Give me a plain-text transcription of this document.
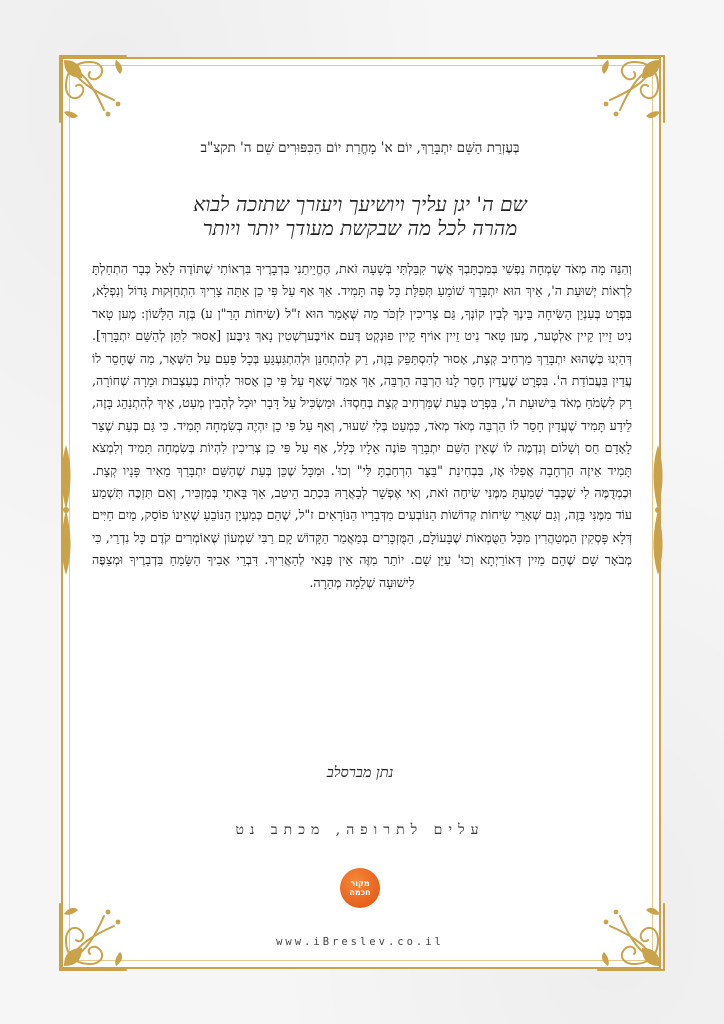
בְּעֶזְרַת הַשֵּׁם יִתְבָּרַךְ, יוֹם א' מָחֳרַת יוֹם הַכִּפּוּרִים שֵׁם ה' תקצ"ב
שם ה' יגן עליך ויושיעך ויעזרך שתזכה לבוא
מהרה לכל מה שבקשת מעודך יותר ויותר
וְהִנֵּה מָה מְאֹד שָׂמְחָה נַפְשִׁי בְּמִכְתָּבְךָ אֲשֶׁר קִבַּלְתִּי בְּשָׁעָה זֹאת, הֶחֱיֵיתַנִי בִּדְבָרֶיךָ בִּרְאוֹתִי שֶׁתּוֹדֶה לָאֵל כְּבָר הִתְחַלְתָּ לִרְאוֹת יְשׁוּעַת ה', אֵיךְ הוּא יִתְבָּרַךְ שׁוֹמֵעַ תְּפִלַּת כָּל פֶּה תָּמִיד. אַךְ אַף עַל פִּי כֵן אַתָּה צָרִיךְ הִתְחַזְּקוּת גָּדוֹל וְנִפְלָא, בִּפְרָט בְּעִנְיַן הַשִּׂיחָה בֵּינְךָ לְבֵין קוֹנְךָ, גַּם צְרִיכִין לִזְכֹּר מַה שֶּׁאָמַר הוּא ז"ל (שִׂיחוֹת הָרַ"ן ע) בְּזֶה הַלָּשׁוֹן: מֶען טָאר נִיט זֵיין קֵיין אַלְטֶער, מֶען טָאר נִיט זֵיין אוֹיף קֵיין פוּנְקְט דֶּעם אוֹיבֶּערְשְׁטִין נָאךְ גִּיבֶּען [אָסוּר לִתֵּן לְהַשֵּׁם יִתְבָּרַךְ]. דְּהַיְנוּ כְּשֶׁהוּא יִתְבָּרַךְ מַרְחִיב קְצָת, אָסוּר לְהִסְתַּפֵּק בָּזֶה, רַק לְהִתְחַנֵּן וּלְהִתְגַּעְגֵּעַ בְּכָל פַּעַם עַל הַשְּׁאָר, מַה שֶּׁחָסֵר לוֹ עֲדַיִן בַּעֲבוֹדַת ה'. בִּפְרָט שֶׁעֲדַיִן חָסֵר לָנוּ הַרְבֵּה הַרְבֵּה, אַךְ אָמַר שֶׁאַף עַל פִּי כֵן אָסוּר לִהְיוֹת בְּעַצְבוּת וּמָרָה שְׁחוֹרָה, רַק לִשְׂמֹחַ מְאֹד בִּישׁוּעַת ה', בִּפְרָט בְּעֵת שֶׁמַּרְחִיב קְצָת בְּחַסְדּוֹ. וּמַשְׂכִּיל עַל דָּבָר יוּכַל לְהָבִין מְעַט, אֵיךְ לְהִתְנַהֵג בָּזֶה, לֵידַע תָּמִיד שֶׁעֲדַיִן חָסֵר לוֹ הַרְבֵּה מְאֹד מְאֹד, כִּמְעַט בְּלִי שִׁעוּר, וְאַף עַל פִּי כֵן יִהְיֶה בְּשִׂמְחָה תָּמִיד. כִּי גַּם בְּעֵת שֶׁצַּר לָאָדָם חַס וְשָׁלוֹם וְנִדְמֶה לוֹ שֶׁאֵין הַשֵּׁם יִתְבָּרַךְ פּוֹנֶה אֵלָיו כְּלָל, אַף עַל פִּי כֵן צְרִיכִין לִהְיוֹת בְּשִׂמְחָה תָּמִיד וְלִמְצֹא תָּמִיד אֵיזֶה הַרְחָבָה אֲפִלּוּ אָז, בִּבְחִינַת "בַּצָּר הִרְחַבְתָּ לִּי" וְכוּ'. וּמִכָּל שֶׁכֵּן בְּעֵת שֶׁהַשֵּׁם יִתְבָּרַךְ מֵאִיר פָּנָיו קְצָת. וּכְמְדֻמֶּה לִי שֶׁכְּבָר שָׁמַעְתָּ מִמֶּנִּי שִׂיחָה זֹאת, וְאִי אֶפְשָׁר לְבָאֲרָהּ בִּכְתָב הֵיטֵב, אַךְ בָּאתִי בְּמַזְכִּיר, וְאִם תִּזְכֶּה תִּשְׁמַע עוֹד מִמֶּנִּי בָּזֶה, וְגַם שְׁאָרֵי שִׂיחוֹת קְדוֹשׁוֹת הַנּוֹבְעִים מִדְּבָרָיו הַנּוֹרָאִים ז"ל, שֶׁהֵם כְּמַעְיָן הַנּוֹבֵעַ שֶׁאֵינוֹ פוֹסֵק, מַיִם חַיִּים דְּלָא פָּסְקִין הַמְטַהֲרִין מִכָּל הַטֻּמְאוֹת שֶׁבָּעוֹלָם, הַמֻּזְכָּרִים בְּמַאֲמַר הַקָּדוֹשׁ קָם רַבִּי שִׁמְעוֹן שֶׁאוֹמְרִים קֹדֶם כָּל נִדְרֵי, כִּי מְבֹאָר שָׁם שֶׁהֵם מַיִין דְּאוֹרַיְתָא וְכוּ' עַיֵּן שָׁם. יוֹתֵר מִזֶּה אֵין פְּנַאי לְהַאֲרִיךְ. דִּבְרֵי אָבִיךָ הַשָּׂמֵחַ בִּדְבָרֶיךָ וּמְצַפֶּה לִישׁוּעָה שְׁלֵמָה מְהֵרָה.
נתן מברסלב
עלים לתרופה, מכתב נט
מקור
חכמה
www.iBreslev.co.il
